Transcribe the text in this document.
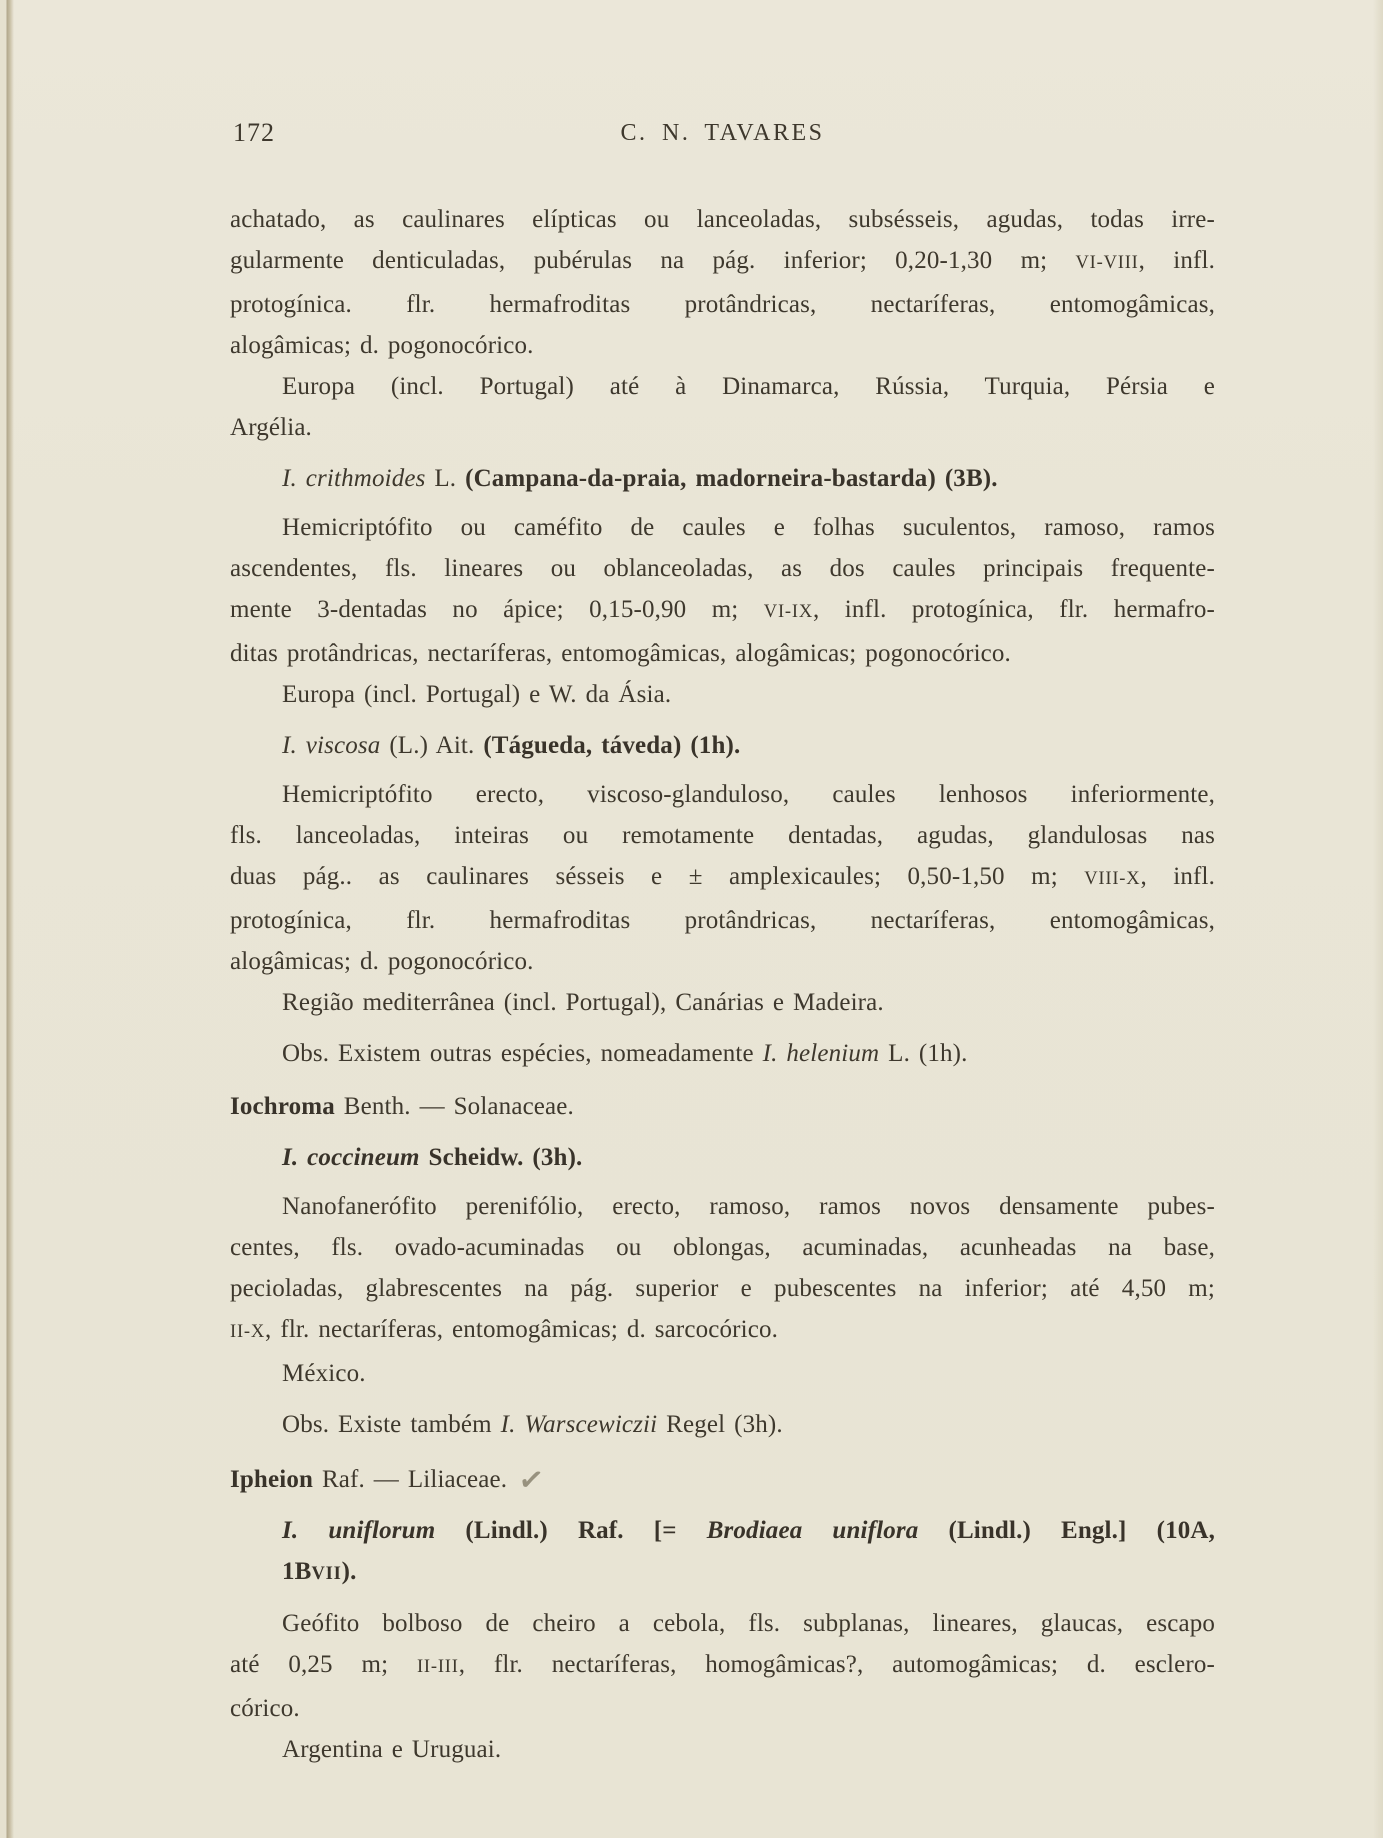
172	C. N. TAVARES
achatado, as caulinares elípticas ou lanceoladas, subsésseis, agudas, todas irre-
gularmente denticuladas, pubérulas na pág. inferior; 0,20-1,30 m; VI-VIII, infl.
protogínica. flr. hermafroditas protândricas, nectaríferas, entomogâmicas,
alogâmicas; d. pogonocórico.
Europa (incl. Portugal) até à Dinamarca, Rússia, Turquia, Pérsia e
Argélia.
I. crithmoides L. (Campana-da-praia, madorneira-bastarda) (3B).
Hemicriptófito ou caméfito de caules e folhas suculentos, ramoso, ramos
ascendentes, fls. lineares ou oblanceoladas, as dos caules principais frequente-
mente 3-dentadas no ápice; 0,15-0,90 m; VI-IX, infl. protogínica, flr. hermafro-
ditas protândricas, nectaríferas, entomogâmicas, alogâmicas; pogonocórico.
Europa (incl. Portugal) e W. da Ásia.
I. viscosa (L.) Ait. (Tágueda, táveda) (1h).
Hemicriptófito erecto, viscoso-glanduloso, caules lenhosos inferiormente,
fls. lanceoladas, inteiras ou remotamente dentadas, agudas, glandulosas nas
duas pág.. as caulinares sésseis e ± amplexicaules; 0,50-1,50 m; VIII-X, infl.
protogínica, flr. hermafroditas protândricas, nectaríferas, entomogâmicas,
alogâmicas; d. pogonocórico.
Região mediterrânea (incl. Portugal), Canárias e Madeira.
Obs. Existem outras espécies, nomeadamente I. helenium L. (1h).
Iochroma Benth. — Solanaceae.
I. coccineum Scheidw. (3h).
Nanofanerófito perenifólio, erecto, ramoso, ramos novos densamente pubes-
centes, fls. ovado-acuminadas ou oblongas, acuminadas, acunheadas na base,
pecioladas, glabrescentes na pág. superior e pubescentes na inferior; até 4,50 m;
II-X, flr. nectaríferas, entomogâmicas; d. sarcocórico.
México.
Obs. Existe também I. Warscewiczii Regel (3h).
Ipheion Raf. — Liliaceae. ✓
I. uniflorum (Lindl.) Raf. [= Brodiaea uniflora (Lindl.) Engl.] (10A,
1BVII).
Geófito bolboso de cheiro a cebola, fls. subplanas, lineares, glaucas, escapo
até 0,25 m; II-III, flr. nectaríferas, homogâmicas?, automogâmicas; d. esclero-
córico.
Argentina e Uruguai.
